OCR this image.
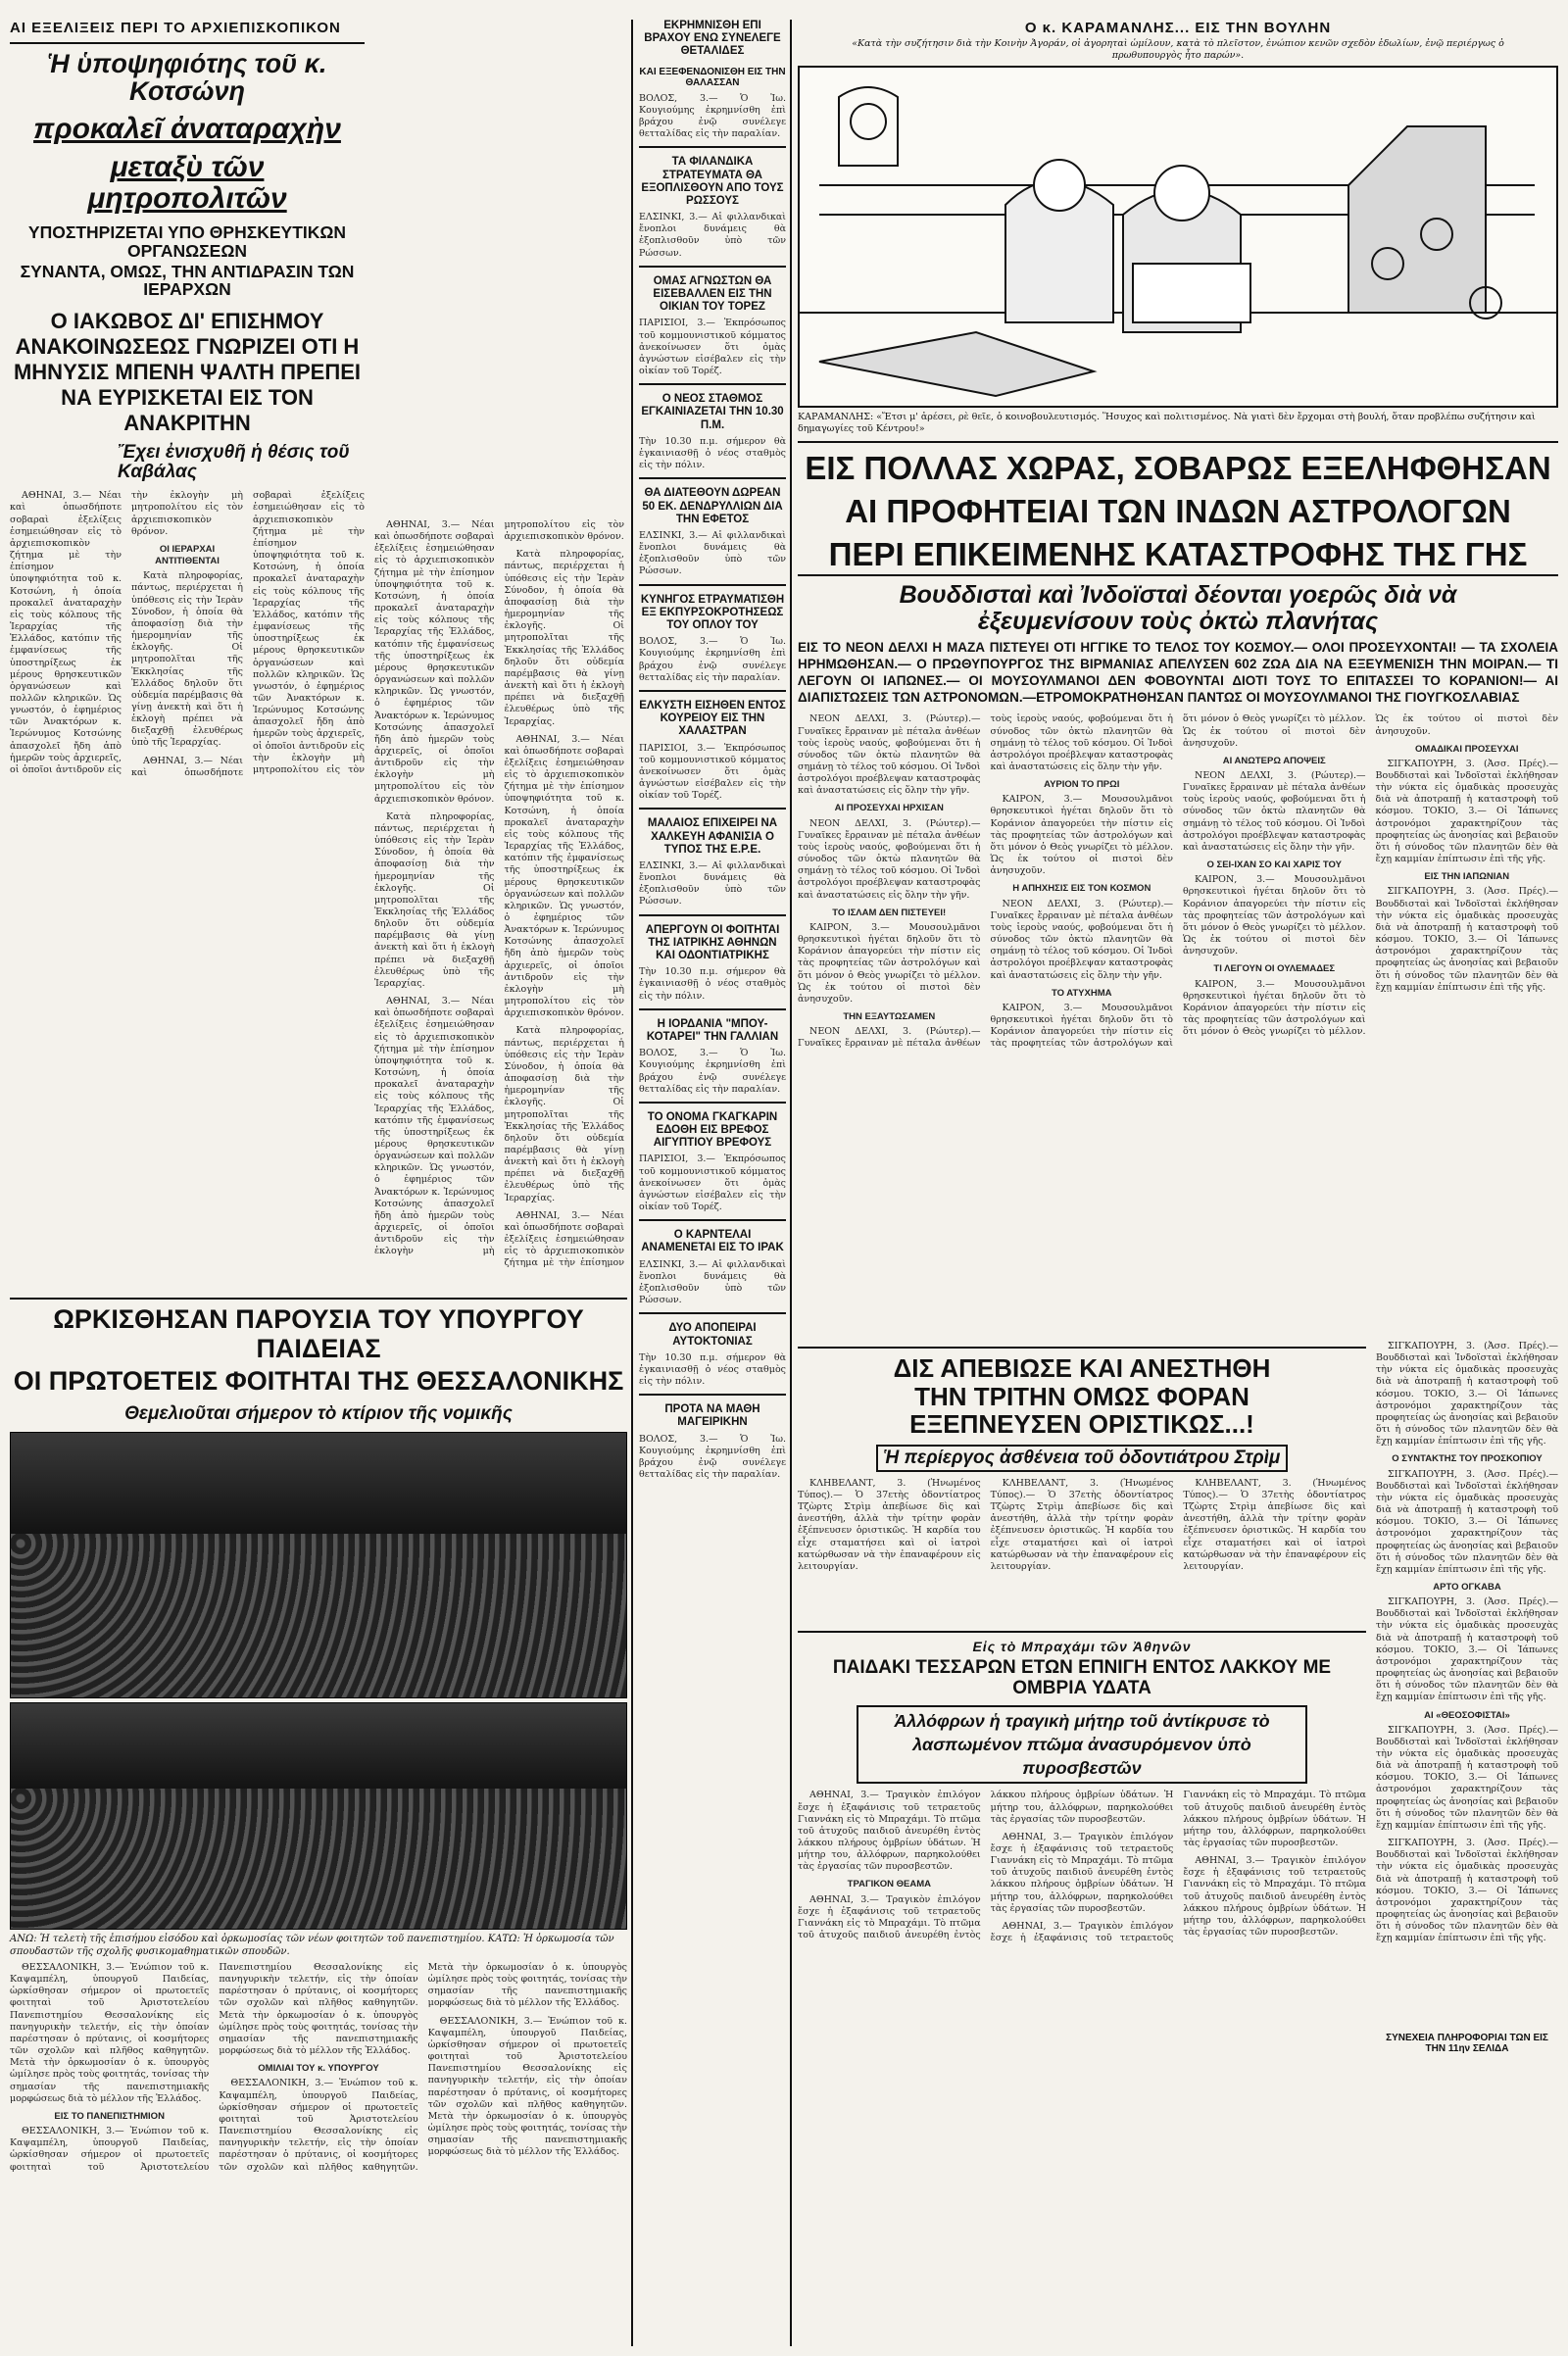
ΑΙ ΕΞΕΛΙΞΕΙΣ ΠΕΡΙ ΤΟ ΑΡΧΙΕΠΙΣΚΟΠΙΚΟΝ
Ἡ ὑποψηφιότης τοῦ κ. Κοτσώνη
προκαλεῖ ἀναταραχὴν
μεταξὺ τῶν μητροπολιτῶν
ΥΠΟΣΤΗΡΙΖΕΤΑΙ ΥΠΟ ΘΡΗΣΚΕΥΤΙΚΩΝ ΟΡΓΑΝΩΣΕΩΝ
ΣΥΝΑΝΤΑ, ΟΜΩΣ, ΤΗΝ ΑΝΤΙΔΡΑΣΙΝ ΤΩΝ ΙΕΡΑΡΧΩΝ
Ο ΙΑΚΩΒΟΣ ΔΙ' ΕΠΙΣΗΜΟΥ ΑΝΑΚΟΙΝΩΣΕΩΣ ΓΝΩΡΙΖΕΙ ΟΤΙ Η ΜΗΝΥΣΙΣ ΜΠΕΝΗ ΨΑΛΤΗ ΠΡΕΠΕΙ ΝΑ ΕΥΡΙΣΚΕΤΑΙ ΕΙΣ ΤΟΝ ΑΝΑΚΡΙΤΗΝ
Ἔχει ἐνισχυθῆ ἡ θέσις τοῦ Καβάλας

ΑΘΗΝΑΙ, 3.— Νέαι καὶ ὁπωσδήποτε σοβαραὶ ἐξελίξεις ἐσημειώθησαν εἰς τὸ ἀρχιεπισκοπικὸν ζήτημα μὲ τὴν ἐπίσημον ὑποψηφιότητα τοῦ κ. Κοτσώνη, ἡ ὁποία προκαλεῖ ἀναταραχὴν εἰς τοὺς κόλπους τῆς Ἱεραρχίας τῆς Ἑλλάδος, κατόπιν τῆς ἐμφανίσεως τῆς ὑποστηρίξεως ἐκ μέρους θρησκευτικῶν ὀργανώσεων καὶ πολλῶν κληρικῶν. Ὡς γνωστόν, ὁ ἐφημέριος τῶν Ἀνακτόρων κ. Ἱερώνυμος Κοτσώνης ἀπασχολεῖ ἤδη ἀπὸ ἡμερῶν τοὺς ἀρχιερεῖς, οἱ ὁποῖοι ἀντιδροῦν εἰς τὴν ἐκλογὴν μὴ μητροπολίτου εἰς τὸν ἀρχιεπισκοπικὸν θρόνον.

ΟΙ ΙΕΡΑΡΧΑΙ ΑΝΤΙΤΙΘΕΝΤΑΙ

Κατὰ πληροφορίας, πάντως, περιέρχεται ἡ ὑπόθεσις εἰς τὴν Ἱερὰν Σύνοδον, ἡ ὁποία θὰ ἀποφασίσῃ διὰ τὴν ἡμερομηνίαν τῆς ἐκλογῆς. Οἱ μητροπολῖται τῆς Ἐκκλησίας τῆς Ἑλλάδος δηλοῦν ὅτι οὐδεμία παρέμβασις θὰ γίνῃ ἀνεκτὴ καὶ ὅτι ἡ ἐκλογὴ πρέπει νὰ διεξαχθῇ ἐλευθέρως ὑπὸ τῆς Ἱεραρχίας.

ΑΘΗΝΑΙ, 3.— Νέαι καὶ ὁπωσδήποτε σοβαραὶ ἐξελίξεις ἐσημειώθησαν εἰς τὸ ἀρχιεπισκοπικὸν ζήτημα μὲ τὴν ἐπίσημον ὑποψηφιότητα τοῦ κ. Κοτσώνη, ἡ ὁποία προκαλεῖ ἀναταραχὴν εἰς τοὺς κόλπους τῆς Ἱεραρχίας τῆς Ἑλλάδος, κατόπιν τῆς ἐμφανίσεως τῆς ὑποστηρίξεως ἐκ μέρους θρησκευτικῶν ὀργανώσεων καὶ πολλῶν κληρικῶν. Ὡς γνωστόν, ὁ ἐφημέριος τῶν Ἀνακτόρων κ. Ἱερώνυμος Κοτσώνης ἀπασχολεῖ ἤδη ἀπὸ ἡμερῶν τοὺς ἀρχιερεῖς, οἱ ὁποῖοι ἀντιδροῦν εἰς τὴν ἐκλογὴν μὴ μητροπολίτου εἰς τὸν

ΩΡΚΙΣΘΗΣΑΝ ΠΑΡΟΥΣΙΑ ΤΟΥ ΥΠΟΥΡΓΟΥ ΠΑΙΔΕΙΑΣ
ΟΙ ΠΡΩΤΟΕΤΕΙΣ ΦΟΙΤΗΤΑΙ ΤΗΣ ΘΕΣΣΑΛΟΝΙΚΗΣ
Θεμελιοῦται σήμερον τὸ κτίριον τῆς νομικῆς
ΑΝΩ: Ἡ τελετὴ τῆς ἐπισήμου εἰσόδου καὶ ὁρκωμοσίας τῶν νέων φοιτητῶν τοῦ πανεπιστημίου. ΚΑΤΩ: Ἡ ὁρκωμοσία τῶν σπουδαστῶν τῆς σχολῆς φυσικομαθηματικῶν σπουδῶν.

ΘΕΣΣΑΛΟΝΙΚΗ, 3.— Ἐνώπιον τοῦ κ. Καψαμπέλη, ὑπουργοῦ Παιδείας, ὡρκίσθησαν σήμερον οἱ πρωτοετεῖς φοιτηταὶ τοῦ Ἀριστοτελείου Πανεπιστημίου Θεσσαλονίκης εἰς πανηγυρικὴν τελετήν, εἰς τὴν ὁποίαν παρέστησαν ὁ πρύτανις, οἱ κοσμήτορες τῶν σχολῶν καὶ πλῆθος καθηγητῶν. Μετὰ τὴν ὁρκωμοσίαν ὁ κ. ὑπουργὸς ὡμίλησε πρὸς τοὺς φοιτητάς, τονίσας τὴν σημασίαν τῆς πανεπιστημιακῆς μορφώσεως διὰ τὸ μέλλον τῆς Ἑλλάδος.

ΕΙΣ ΤΟ ΠΑΝΕΠΙΣΤΗΜΙΟΝ

ΘΕΣΣΑΛΟΝΙΚΗ, 3.— Ἐνώπιον τοῦ κ. Καψαμπέλη, ὑπουργοῦ Παιδείας, ὡρκίσθησαν σήμερον οἱ πρωτοετεῖς φοιτηταὶ τοῦ Ἀριστοτελείου Πανεπιστημίου Θεσσαλονίκης εἰς πανηγυρικὴν τελετήν, εἰς τὴν ὁποίαν παρέστησαν ὁ πρύτανις, οἱ κοσμήτορες τῶν σχολῶν καὶ πλῆθος καθηγητῶν. Μετὰ τὴν ὁρκωμοσίαν ὁ κ. ὑπουργὸς ὡμίλησε πρὸς τοὺς φοιτητάς, τονίσας τὴν σημασίαν τῆς πανεπιστημιακῆς μορφώσεως διὰ τὸ μέλλον τῆς Ἑλλάδος.

ΟΜΙΛΙΑΙ ΤΟΥ κ. ΥΠΟΥΡΓΟΥ

ΘΕΣΣΑΛΟΝΙΚΗ, 3.— Ἐνώπιον τοῦ κ. Καψαμπέλη, ὑπουργοῦ Παιδείας, ὡρκίσθησαν σήμερον οἱ πρωτοετεῖς φοιτηταὶ τοῦ Ἀριστοτελείου Πανεπιστημίου Θεσσαλονίκης εἰς πανηγυρικὴν τελετήν, εἰς τὴν ὁποίαν παρέστησαν ὁ πρύτανις, οἱ κοσμήτορες τῶν σχολῶν καὶ πλῆθος καθηγητῶν. Μετὰ τὴν ὁρκωμοσίαν ὁ κ. ὑπουργὸς ὡμίλησε πρὸς τοὺς φοιτητάς, τονίσας τὴν σημασίαν τῆς πανεπιστημιακῆς μορφώσεως διὰ τὸ μέλλον τῆς Ἑλλάδος.

ΘΕΣΣΑΛΟΝΙΚΗ, 3.— Ἐνώπιον τοῦ κ. Καψαμπέλη, ὑπουργοῦ Παιδείας, ὡρκίσθησαν σήμερον οἱ πρωτοετεῖς φοιτηταὶ τοῦ Ἀριστοτελείου Πανεπιστημίου Θεσσαλονίκης εἰς πανηγυρικὴν τελετήν, εἰς τὴν ὁποίαν παρέστησαν ὁ πρύτανις, οἱ κοσμήτορες τῶν σχολῶν καὶ πλῆθος καθηγητῶν. Μετὰ τὴν ὁρκωμοσίαν ὁ κ. ὑπουργὸς ὡμίλησε πρὸς τοὺς φοιτητάς, τονίσας τὴν σημασίαν τῆς πανεπιστημιακῆς μορφώσεως διὰ τὸ μέλλον τῆς Ἑλλάδος.

ΑΘΗΝΑΙ, 3.— Νέαι καὶ ὁπωσδήποτε σοβαραὶ ἐξελίξεις ἐσημειώθησαν εἰς τὸ ἀρχιεπισκοπικὸν ζήτημα μὲ τὴν ἐπίσημον ὑποψηφιότητα τοῦ κ. Κοτσώνη, ἡ ὁποία προκαλεῖ ἀναταραχὴν εἰς τοὺς κόλπους τῆς Ἱεραρχίας τῆς Ἑλλάδος, κατόπιν τῆς ἐμφανίσεως τῆς ὑποστηρίξεως ἐκ μέρους θρησκευτικῶν ὀργανώσεων καὶ πολλῶν κληρικῶν. Ὡς γνωστόν, ὁ ἐφημέριος τῶν Ἀνακτόρων κ. Ἱερώνυμος Κοτσώνης ἀπασχολεῖ ἤδη ἀπὸ ἡμερῶν τοὺς ἀρχιερεῖς, οἱ ὁποῖοι ἀντιδροῦν εἰς τὴν ἐκλογὴν μὴ μητροπολίτου εἰς τὸν ἀρχιεπισκοπικὸν θρόνον.

Κατὰ πληροφορίας, πάντως, περιέρχεται ἡ ὑπόθεσις εἰς τὴν Ἱερὰν Σύνοδον, ἡ ὁποία θὰ ἀποφασίσῃ διὰ τὴν ἡμερομηνίαν τῆς ἐκλογῆς. Οἱ μητροπολῖται τῆς Ἐκκλησίας τῆς Ἑλλάδος δηλοῦν ὅτι οὐδεμία παρέμβασις θὰ γίνῃ ἀνεκτὴ καὶ ὅτι ἡ ἐκλογὴ πρέπει νὰ διεξαχθῇ ἐλευθέρως ὑπὸ τῆς Ἱεραρχίας.

ΑΘΗΝΑΙ, 3.— Νέαι καὶ ὁπωσδήποτε σοβαραὶ ἐξελίξεις ἐσημειώθησαν εἰς τὸ ἀρχιεπισκοπικὸν ζήτημα μὲ τὴν ἐπίσημον ὑποψηφιότητα τοῦ κ. Κοτσώνη, ἡ ὁποία προκαλεῖ ἀναταραχὴν εἰς τοὺς κόλπους τῆς Ἱεραρχίας τῆς Ἑλλάδος, κατόπιν τῆς ἐμφανίσεως τῆς ὑποστηρίξεως ἐκ μέρους θρησκευτικῶν ὀργανώσεων καὶ πολλῶν κληρικῶν. Ὡς γνωστόν, ὁ ἐφημέριος τῶν Ἀνακτόρων κ. Ἱερώνυμος Κοτσώνης ἀπασχολεῖ ἤδη ἀπὸ ἡμερῶν τοὺς ἀρχιερεῖς, οἱ ὁποῖοι ἀντιδροῦν εἰς τὴν ἐκλογὴν μὴ μητροπολίτου εἰς τὸν ἀρχιεπισκοπικὸν θρόνον.

Κατὰ πληροφορίας, πάντως, περιέρχεται ἡ ὑπόθεσις εἰς τὴν Ἱερὰν Σύνοδον, ἡ ὁποία θὰ ἀποφασίσῃ διὰ τὴν ἡμερομηνίαν τῆς ἐκλογῆς. Οἱ μητροπολῖται τῆς Ἐκκλησίας τῆς Ἑλλάδος δηλοῦν ὅτι οὐδεμία παρέμβασις θὰ γίνῃ ἀνεκτὴ καὶ ὅτι ἡ ἐκλογὴ πρέπει νὰ διεξαχθῇ ἐλευθέρως ὑπὸ τῆς Ἱεραρχίας.

ΑΘΗΝΑΙ, 3.— Νέαι καὶ ὁπωσδήποτε σοβαραὶ ἐξελίξεις ἐσημειώθησαν εἰς τὸ ἀρχιεπισκοπικὸν ζήτημα μὲ τὴν ἐπίσημον ὑποψηφιότητα τοῦ κ. Κοτσώνη, ἡ ὁποία προκαλεῖ ἀναταραχὴν εἰς τοὺς κόλπους τῆς Ἱεραρχίας τῆς Ἑλλάδος, κατόπιν τῆς ἐμφανίσεως τῆς ὑποστηρίξεως ἐκ μέρους θρησκευτικῶν ὀργανώσεων καὶ πολλῶν κληρικῶν. Ὡς γνωστόν, ὁ ἐφημέριος τῶν Ἀνακτόρων κ. Ἱερώνυμος Κοτσώνης ἀπασχολεῖ ἤδη ἀπὸ ἡμερῶν τοὺς ἀρχιερεῖς, οἱ ὁποῖοι ἀντιδροῦν εἰς τὴν ἐκλογὴν μὴ μητροπολίτου εἰς τὸν ἀρχιεπισκοπικὸν θρόνον.

Κατὰ πληροφορίας, πάντως, περιέρχεται ἡ ὑπόθεσις εἰς τὴν Ἱερὰν Σύνοδον, ἡ ὁποία θὰ ἀποφασίσῃ διὰ τὴν ἡμερομηνίαν τῆς ἐκλογῆς. Οἱ μητροπολῖται τῆς Ἐκκλησίας τῆς Ἑλλάδος δηλοῦν ὅτι οὐδεμία παρέμβασις θὰ γίνῃ ἀνεκτὴ καὶ ὅτι ἡ ἐκλογὴ πρέπει νὰ διεξαχθῇ ἐλευθέρως ὑπὸ τῆς Ἱεραρχίας.

ΑΘΗΝΑΙ, 3.— Νέαι καὶ ὁπωσδήποτε σοβαραὶ ἐξελίξεις ἐσημειώθησαν εἰς τὸ ἀρχιεπισκοπικὸν ζήτημα μὲ τὴν ἐπίσημον

ΕΚΡΗΜΝΙΣΘΗ ΕΠΙ ΒΡΑΧΟΥ ΕΝΩ ΣΥΝΕΛΕΓΕ ΘΕΤΑΛΙΔΕΣ
ΚΑΙ ΕΞΕΦΕΝΔΟΝΙΣΘΗ ΕΙΣ ΤΗΝ ΘΑΛΑΣΣΑΝ
ΒΟΛΟΣ, 3.— Ὁ Ἰω. Κουγιούμης ἐκρημνίσθη ἐπὶ βράχου ἐνῷ συνέλεγε θετταλίδας εἰς τὴν παραλίαν.
ΤΑ ΦΙΛΑΝΔΙΚΑ ΣΤΡΑΤΕΥΜΑΤΑ ΘΑ ΕΞΟΠΛΙΣΘΟΥΝ ΑΠΟ ΤΟΥΣ ΡΩΣΣΟΥΣ
ΕΛΣΙΝΚΙ, 3.— Αἱ φιλλανδικαὶ ἔνοπλοι δυνάμεις θὰ ἐξοπλισθοῦν ὑπὸ τῶν Ρώσσων.
ΟΜΑΣ ΑΓΝΩΣΤΩΝ ΘΑ ΕΙΣΕΒΑΛΛΕΝ ΕΙΣ ΤΗΝ ΟΙΚΙΑΝ ΤΟΥ ΤΟΡΕΖ
ΠΑΡΙΣΙΟΙ, 3.— Ἐκπρόσωπος τοῦ κομμουνιστικοῦ κόμματος ἀνεκοίνωσεν ὅτι ὁμὰς ἀγνώστων εἰσέβαλεν εἰς τὴν οἰκίαν τοῦ Τορέζ.
Ο ΝΕΟΣ ΣΤΑΘΜΟΣ ΕΓΚΑΙΝΙΑΖΕΤΑΙ ΤΗΝ 10.30 Π.Μ.
Τὴν 10.30 π.μ. σήμερον θὰ ἐγκαινιασθῇ ὁ νέος σταθμὸς εἰς τὴν πόλιν.
ΘΑ ΔΙΑΤΕΘΟΥΝ ΔΩΡΕΑΝ 50 ΕΚ. ΔΕΝΔΡΥΛΛΙΩΝ ΔΙΑ ΤΗΝ ΕΦΕΤΟΣ
ΕΛΣΙΝΚΙ, 3.— Αἱ φιλλανδικαὶ ἔνοπλοι δυνάμεις θὰ ἐξοπλισθοῦν ὑπὸ τῶν Ρώσσων.
ΚΥΝΗΓΟΣ ΕΤΡΑΥΜΑΤΙΣΘΗ ΕΞ ΕΚΠΥΡΣΟΚΡΟΤΗΣΕΩΣ ΤΟΥ ΟΠΛΟΥ ΤΟΥ
ΒΟΛΟΣ, 3.— Ὁ Ἰω. Κουγιούμης ἐκρημνίσθη ἐπὶ βράχου ἐνῷ συνέλεγε θετταλίδας εἰς τὴν παραλίαν.
ΕΛΚΥΣΤΗ ΕΙΣΗΘΕΝ ΕΝΤΟΣ ΚΟΥΡΕΙΟΥ ΕΙΣ ΤΗΝ ΧΑΛΑΣΤΡΑΝ
ΠΑΡΙΣΙΟΙ, 3.— Ἐκπρόσωπος τοῦ κομμουνιστικοῦ κόμματος ἀνεκοίνωσεν ὅτι ὁμὰς ἀγνώστων εἰσέβαλεν εἰς τὴν οἰκίαν τοῦ Τορέζ.
ΜΑΛΑΙΟΣ ΕΠΙΧΕΙΡΕΙ ΝΑ ΧΑΛΚΕΥΗ ΑΦΑΝΙΣΙΑ Ο ΤΥΠΟΣ ΤΗΣ Ε.Ρ.Ε.
ΕΛΣΙΝΚΙ, 3.— Αἱ φιλλανδικαὶ ἔνοπλοι δυνάμεις θὰ ἐξοπλισθοῦν ὑπὸ τῶν Ρώσσων.
ΑΠΕΡΓΟΥΝ ΟΙ ΦΟΙΤΗΤΑΙ ΤΗΣ ΙΑΤΡΙΚΗΣ ΑΘΗΝΩΝ ΚΑΙ ΟΔΟΝΤΙΑΤΡΙΚΗΣ
Τὴν 10.30 π.μ. σήμερον θὰ ἐγκαινιασθῇ ὁ νέος σταθμὸς εἰς τὴν πόλιν.
Η ΙΟΡΔΑΝΙΑ "ΜΠΟΥ-ΚΟΤΑΡΕΙ" ΤΗΝ ΓΑΛΛΙΑΝ
ΒΟΛΟΣ, 3.— Ὁ Ἰω. Κουγιούμης ἐκρημνίσθη ἐπὶ βράχου ἐνῷ συνέλεγε θετταλίδας εἰς τὴν παραλίαν.
ΤΟ ΟΝΟΜΑ ΓΚΑΓΚΑΡΙΝ ΕΔΟΘΗ ΕΙΣ ΒΡΕΦΟΣ ΑΙΓΥΠΤΙΟΥ ΒΡΕΦΟΥΣ
ΠΑΡΙΣΙΟΙ, 3.— Ἐκπρόσωπος τοῦ κομμουνιστικοῦ κόμματος ἀνεκοίνωσεν ὅτι ὁμὰς ἀγνώστων εἰσέβαλεν εἰς τὴν οἰκίαν τοῦ Τορέζ.
Ο ΚΑΡΝΤΕΛΑΙ ΑΝΑΜΕΝΕΤΑΙ ΕΙΣ ΤΟ ΙΡΑΚ
ΕΛΣΙΝΚΙ, 3.— Αἱ φιλλανδικαὶ ἔνοπλοι δυνάμεις θὰ ἐξοπλισθοῦν ὑπὸ τῶν Ρώσσων.
ΔΥΟ ΑΠΟΠΕΙΡΑΙ ΑΥΤΟΚΤΟΝΙΑΣ
Τὴν 10.30 π.μ. σήμερον θὰ ἐγκαινιασθῇ ὁ νέος σταθμὸς εἰς τὴν πόλιν.
ΠΡΟΤΑ ΝΑ ΜΑΘΗ ΜΑΓΕΙΡΙΚΗΝ
ΒΟΛΟΣ, 3.— Ὁ Ἰω. Κουγιούμης ἐκρημνίσθη ἐπὶ βράχου ἐνῷ συνέλεγε θετταλίδας εἰς τὴν παραλίαν.
Ο κ. ΚΑΡΑΜΑΝΛΗΣ... ΕΙΣ ΤΗΝ ΒΟΥΛΗΝ
«Κατὰ τὴν συζήτησιν διὰ τὴν Κοινὴν Ἀγοράν, οἱ ἀγορηταὶ ὡμίλουν, κατὰ τὸ πλεῖστον, ἐνώπιον κενῶν σχεδὸν ἐδωλίων, ἐνῷ περιέργως ὁ πρωθυπουργὸς ἦτο παρών».
ΚΑΡΑΜΑΝΛΗΣ: «Ἔτσι μ' ἀρέσει, ρὲ θεῖε, ὁ κοινοβουλευτισμός. Ἥσυχος καὶ πολιτισμένος. Νὰ γιατὶ δὲν ἔρχομαι στὴ βουλή, ὅταν προβλέπω συζήτησιν καὶ δημαγωγίες τοῦ Κέντρου!»
ΕΙΣ ΠΟΛΛΑΣ ΧΩΡΑΣ, ΣΟΒΑΡΩΣ ΕΞΕΛΗΦΘΗΣΑΝ
ΑΙ ΠΡΟΦΗΤΕΙΑΙ ΤΩΝ ΙΝΔΩΝ ΑΣΤΡΟΛΟΓΩΝ
ΠΕΡΙ ΕΠΙΚΕΙΜΕΝΗΣ ΚΑΤΑΣΤΡΟΦΗΣ ΤΗΣ ΓΗΣ
Βουδδισταὶ καὶ Ἰνδοϊσταὶ δέονται γοερῶς διὰ νὰ ἐξευμενίσουν τοὺς ὀκτὼ πλανήτας
ΕΙΣ ΤΟ ΝΕΟΝ ΔΕΛΧΙ Η ΜΑΖΑ ΠΙΣΤΕΥΕΙ ΟΤΙ ΗΓΓΙΚΕ ΤΟ ΤΕΛΟΣ ΤΟΥ ΚΟΣΜΟΥ.— ΟΛΟΙ ΠΡΟΣΕΥΧΟΝΤΑΙ! — ΤΑ ΣΧΟΛΕΙΑ ΗΡΗΜΩΘΗΣΑΝ.— Ο ΠΡΩΘΥΠΟΥΡΓΟΣ ΤΗΣ ΒΙΡΜΑΝΙΑΣ ΑΠΕΛΥΣΕΝ 602 ΖΩΑ ΔΙΑ ΝΑ ΕΞΕΥΜΕΝΙΣΗ ΤΗΝ ΜΟΙΡΑΝ.— ΤΙ ΛΕΓΟΥΝ ΟΙ ΙΑΠΩΝΕΣ.— ΟΙ ΜΟΥΣΟΥΛΜΑΝΟΙ ΔΕΝ ΦΟΒΟΥΝΤΑΙ ΔΙΟΤΙ ΤΟΥΣ ΤΟ ΕΠΙΤΑΣΣΕΙ ΤΟ ΚΟΡΑΝΙΟΝ!— ΑΙ ΔΙΑΠΙΣΤΩΣΕΙΣ ΤΩΝ ΑΣΤΡΟΝΟΜΩΝ.—ΕΤΡΟΜΟΚΡΑΤΗΘΗΣΑΝ ΠΑΝΤΩΣ ΟΙ ΜΟΥΣΟΥΛΜΑΝΟΙ ΤΗΣ ΓΙΟΥΓΚΟΣΛΑΒΙΑΣ

ΝΕΟΝ ΔΕΛΧΙ, 3. (Ρώυτερ).— Γυναῖκες ἔρραιναν μὲ πέταλα ἀνθέων τοὺς ἱεροὺς ναούς, φοβούμεναι ὅτι ἡ σύνοδος τῶν ὀκτὼ πλανητῶν θὰ σημάνῃ τὸ τέλος τοῦ κόσμου. Οἱ Ἰνδοὶ ἀστρολόγοι προέβλεψαν καταστροφὰς καὶ ἀναστατώσεις εἰς ὅλην τὴν γῆν.

ΑΙ ΠΡΟΣΕΥΧΑΙ ΗΡΧΙΣΑΝ

ΝΕΟΝ ΔΕΛΧΙ, 3. (Ρώυτερ).— Γυναῖκες ἔρραιναν μὲ πέταλα ἀνθέων τοὺς ἱεροὺς ναούς, φοβούμεναι ὅτι ἡ σύνοδος τῶν ὀκτὼ πλανητῶν θὰ σημάνῃ τὸ τέλος τοῦ κόσμου. Οἱ Ἰνδοὶ ἀστρολόγοι προέβλεψαν καταστροφὰς καὶ ἀναστατώσεις εἰς ὅλην τὴν γῆν.

ΤΟ ΙΣΛΑΜ ΔΕΝ ΠΙΣΤΕΥΕΙ!

ΚΑΙΡΟΝ, 3.— Μουσουλμᾶνοι θρησκευτικοὶ ἡγέται δηλοῦν ὅτι τὸ Κοράνιον ἀπαγορεύει τὴν πίστιν εἰς τὰς προφητείας τῶν ἀστρολόγων καὶ ὅτι μόνον ὁ Θεὸς γνωρίζει τὸ μέλλον. Ὡς ἐκ τούτου οἱ πιστοὶ δὲν ἀνησυχοῦν.

ΤΗΝ ΕΞΑΥΤΩΣΑΜΕΝ

ΝΕΟΝ ΔΕΛΧΙ, 3. (Ρώυτερ).— Γυναῖκες ἔρραιναν μὲ πέταλα ἀνθέων τοὺς ἱεροὺς ναούς, φοβούμεναι ὅτι ἡ σύνοδος τῶν ὀκτὼ πλανητῶν θὰ σημάνῃ τὸ τέλος τοῦ κόσμου. Οἱ Ἰνδοὶ ἀστρολόγοι προέβλεψαν καταστροφὰς καὶ ἀναστατώσεις εἰς ὅλην τὴν γῆν.

ΑΥΡΙΟΝ ΤΟ ΠΡΩΙ

ΚΑΙΡΟΝ, 3.— Μουσουλμᾶνοι θρησκευτικοὶ ἡγέται δηλοῦν ὅτι τὸ Κοράνιον ἀπαγορεύει τὴν πίστιν εἰς τὰς προφητείας τῶν ἀστρολόγων καὶ ὅτι μόνον ὁ Θεὸς γνωρίζει τὸ μέλλον. Ὡς ἐκ τούτου οἱ πιστοὶ δὲν ἀνησυχοῦν.

Η ΑΠΗΧΗΣΙΣ ΕΙΣ ΤΟΝ ΚΟΣΜΟΝ

ΝΕΟΝ ΔΕΛΧΙ, 3. (Ρώυτερ).— Γυναῖκες ἔρραιναν μὲ πέταλα ἀνθέων τοὺς ἱεροὺς ναούς, φοβούμεναι ὅτι ἡ σύνοδος τῶν ὀκτὼ πλανητῶν θὰ σημάνῃ τὸ τέλος τοῦ κόσμου. Οἱ Ἰνδοὶ ἀστρολόγοι προέβλεψαν καταστροφὰς καὶ ἀναστατώσεις εἰς ὅλην τὴν γῆν.

ΤΟ ΑΤΥΧΗΜΑ

ΚΑΙΡΟΝ, 3.— Μουσουλμᾶνοι θρησκευτικοὶ ἡγέται δηλοῦν ὅτι τὸ Κοράνιον ἀπαγορεύει τὴν πίστιν εἰς τὰς προφητείας τῶν ἀστρολόγων καὶ ὅτι μόνον ὁ Θεὸς γνωρίζει τὸ μέλλον. Ὡς ἐκ τούτου οἱ πιστοὶ δὲν ἀνησυχοῦν.

ΑΙ ΑΝΩΤΕΡΩ ΑΠΟΨΕΙΣ

ΝΕΟΝ ΔΕΛΧΙ, 3. (Ρώυτερ).— Γυναῖκες ἔρραιναν μὲ πέταλα ἀνθέων τοὺς ἱεροὺς ναούς, φοβούμεναι ὅτι ἡ σύνοδος τῶν ὀκτὼ πλανητῶν θὰ σημάνῃ τὸ τέλος τοῦ κόσμου. Οἱ Ἰνδοὶ ἀστρολόγοι προέβλεψαν καταστροφὰς καὶ ἀναστατώσεις εἰς ὅλην τὴν γῆν.

Ο ΣΕΙ-ΙΧΑΝ ΣΟ ΚΑΙ ΧΑΡΙΣ ΤΟΥ

ΚΑΙΡΟΝ, 3.— Μουσουλμᾶνοι θρησκευτικοὶ ἡγέται δηλοῦν ὅτι τὸ Κοράνιον ἀπαγορεύει τὴν πίστιν εἰς τὰς προφητείας τῶν ἀστρολόγων καὶ ὅτι μόνον ὁ Θεὸς γνωρίζει τὸ μέλλον. Ὡς ἐκ τούτου οἱ πιστοὶ δὲν ἀνησυχοῦν.

ΤΙ ΛΕΓΟΥΝ ΟΙ ΟΥΛΕΜΑΔΕΣ

ΚΑΙΡΟΝ, 3.— Μουσουλμᾶνοι θρησκευτικοὶ ἡγέται δηλοῦν ὅτι τὸ Κοράνιον ἀπαγορεύει τὴν πίστιν εἰς τὰς προφητείας τῶν ἀστρολόγων καὶ ὅτι μόνον ὁ Θεὸς γνωρίζει τὸ μέλλον. Ὡς ἐκ τούτου οἱ πιστοὶ δὲν ἀνησυχοῦν.

ΟΜΑΔΙΚΑΙ ΠΡΟΣΕΥΧΑΙ

ΣΙΓΚΑΠΟΥΡΗ, 3. (Ἀσσ. Πρές).— Βουδδισταὶ καὶ Ἰνδοϊσταὶ ἐκλήθησαν τὴν νύκτα εἰς ὁμαδικὰς προσευχὰς διὰ νὰ ἀποτραπῇ ἡ καταστροφὴ τοῦ κόσμου. ΤΟΚΙΟ, 3.— Οἱ Ἰάπωνες ἀστρονόμοι χαρακτηρίζουν τὰς προφητείας ὡς ἀνοησίας καὶ βεβαιοῦν ὅτι ἡ σύνοδος τῶν πλανητῶν δὲν θὰ ἔχῃ καμμίαν ἐπίπτωσιν ἐπὶ τῆς γῆς.

ΕΙΣ ΤΗΝ ΙΑΠΩΝΙΑΝ

ΣΙΓΚΑΠΟΥΡΗ, 3. (Ἀσσ. Πρές).— Βουδδισταὶ καὶ Ἰνδοϊσταὶ ἐκλήθησαν τὴν νύκτα εἰς ὁμαδικὰς προσευχὰς διὰ νὰ ἀποτραπῇ ἡ καταστροφὴ τοῦ κόσμου. ΤΟΚΙΟ, 3.— Οἱ Ἰάπωνες ἀστρονόμοι χαρακτηρίζουν τὰς προφητείας ὡς ἀνοησίας καὶ βεβαιοῦν ὅτι ἡ σύνοδος τῶν πλανητῶν δὲν θὰ ἔχῃ καμμίαν ἐπίπτωσιν ἐπὶ τῆς γῆς.

ΔΙΣ ΑΠΕΒΙΩΣΕ ΚΑΙ ΑΝΕΣΤΗΘΗ
ΤΗΝ ΤΡΙΤΗΝ ΟΜΩΣ ΦΟΡΑΝ
ΕΞΕΠΝΕΥΣΕΝ ΟΡΙΣΤΙΚΩΣ...!
Ἡ περίεργος ἀσθένεια τοῦ ὀδοντιάτρου Στρὶμ

ΚΛΗΒΕΛΑΝΤ, 3. (Ἡνωμένος Τύπος).— Ὁ 37ετὴς ὀδοντίατρος Τζὼρτς Στρὶμ ἀπεβίωσε δὶς καὶ ἀνεστήθη, ἀλλὰ τὴν τρίτην φορὰν ἐξέπνευσεν ὁριστικῶς. Ἡ καρδία του εἶχε σταματήσει καὶ οἱ ἰατροὶ κατώρθωσαν νὰ τὴν ἐπαναφέρουν εἰς λειτουργίαν.

ΚΛΗΒΕΛΑΝΤ, 3. (Ἡνωμένος Τύπος).— Ὁ 37ετὴς ὀδοντίατρος Τζὼρτς Στρὶμ ἀπεβίωσε δὶς καὶ ἀνεστήθη, ἀλλὰ τὴν τρίτην φορὰν ἐξέπνευσεν ὁριστικῶς. Ἡ καρδία του εἶχε σταματήσει καὶ οἱ ἰατροὶ κατώρθωσαν νὰ τὴν ἐπαναφέρουν εἰς λειτουργίαν.

ΚΛΗΒΕΛΑΝΤ, 3. (Ἡνωμένος Τύπος).— Ὁ 37ετὴς ὀδοντίατρος Τζὼρτς Στρὶμ ἀπεβίωσε δὶς καὶ ἀνεστήθη, ἀλλὰ τὴν τρίτην φορὰν ἐξέπνευσεν ὁριστικῶς. Ἡ καρδία του εἶχε σταματήσει καὶ οἱ ἰατροὶ κατώρθωσαν νὰ τὴν ἐπαναφέρουν εἰς λειτουργίαν.

Εἰς τὸ Μπραχάμι τῶν Ἀθηνῶν
ΠΑΙΔΑΚΙ ΤΕΣΣΑΡΩΝ ΕΤΩΝ ΕΠΝΙΓΗ ΕΝΤΟΣ ΛΑΚΚΟΥ ΜΕ ΟΜΒΡΙΑ ΥΔΑΤΑ
Ἀλλόφρων ἡ τραγικὴ μήτηρ τοῦ ἀντίκρυσε τὸ λασπωμένον πτῶμα ἀνασυρόμενον ὑπὸ πυροσβεστῶν

ΑΘΗΝΑΙ, 3.— Τραγικὸν ἐπιλόγον ἔσχε ἡ ἐξαφάνισις τοῦ τετραετοῦς Γιαννάκη εἰς τὸ Μπραχάμι. Τὸ πτῶμα τοῦ ἀτυχοῦς παιδιοῦ ἀνευρέθη ἐντὸς λάκκου πλήρους ὀμβρίων ὑδάτων. Ἡ μήτηρ του, ἀλλόφρων, παρηκολούθει τὰς ἐργασίας τῶν πυροσβεστῶν.

ΤΡΑΓΙΚΟΝ ΘΕΑΜΑ

ΑΘΗΝΑΙ, 3.— Τραγικὸν ἐπιλόγον ἔσχε ἡ ἐξαφάνισις τοῦ τετραετοῦς Γιαννάκη εἰς τὸ Μπραχάμι. Τὸ πτῶμα τοῦ ἀτυχοῦς παιδιοῦ ἀνευρέθη ἐντὸς λάκκου πλήρους ὀμβρίων ὑδάτων. Ἡ μήτηρ του, ἀλλόφρων, παρηκολούθει τὰς ἐργασίας τῶν πυροσβεστῶν.

ΑΘΗΝΑΙ, 3.— Τραγικὸν ἐπιλόγον ἔσχε ἡ ἐξαφάνισις τοῦ τετραετοῦς Γιαννάκη εἰς τὸ Μπραχάμι. Τὸ πτῶμα τοῦ ἀτυχοῦς παιδιοῦ ἀνευρέθη ἐντὸς λάκκου πλήρους ὀμβρίων ὑδάτων. Ἡ μήτηρ του, ἀλλόφρων, παρηκολούθει τὰς ἐργασίας τῶν πυροσβεστῶν.

ΑΘΗΝΑΙ, 3.— Τραγικὸν ἐπιλόγον ἔσχε ἡ ἐξαφάνισις τοῦ τετραετοῦς Γιαννάκη εἰς τὸ Μπραχάμι. Τὸ πτῶμα τοῦ ἀτυχοῦς παιδιοῦ ἀνευρέθη ἐντὸς λάκκου πλήρους ὀμβρίων ὑδάτων. Ἡ μήτηρ του, ἀλλόφρων, παρηκολούθει τὰς ἐργασίας τῶν πυροσβεστῶν.

ΑΘΗΝΑΙ, 3.— Τραγικὸν ἐπιλόγον ἔσχε ἡ ἐξαφάνισις τοῦ τετραετοῦς Γιαννάκη εἰς τὸ Μπραχάμι. Τὸ πτῶμα τοῦ ἀτυχοῦς παιδιοῦ ἀνευρέθη ἐντὸς λάκκου πλήρους ὀμβρίων ὑδάτων. Ἡ μήτηρ του, ἀλλόφρων, παρηκολούθει τὰς ἐργασίας τῶν πυροσβεστῶν.

ΣΙΓΚΑΠΟΥΡΗ, 3. (Ἀσσ. Πρές).— Βουδδισταὶ καὶ Ἰνδοϊσταὶ ἐκλήθησαν τὴν νύκτα εἰς ὁμαδικὰς προσευχὰς διὰ νὰ ἀποτραπῇ ἡ καταστροφὴ τοῦ κόσμου. ΤΟΚΙΟ, 3.— Οἱ Ἰάπωνες ἀστρονόμοι χαρακτηρίζουν τὰς προφητείας ὡς ἀνοησίας καὶ βεβαιοῦν ὅτι ἡ σύνοδος τῶν πλανητῶν δὲν θὰ ἔχῃ καμμίαν ἐπίπτωσιν ἐπὶ τῆς γῆς.

Ο ΣΥΝΤΑΚΤΗΣ ΤΟΥ ΠΡΟΣΚΟΠΙΟΥ

ΣΙΓΚΑΠΟΥΡΗ, 3. (Ἀσσ. Πρές).— Βουδδισταὶ καὶ Ἰνδοϊσταὶ ἐκλήθησαν τὴν νύκτα εἰς ὁμαδικὰς προσευχὰς διὰ νὰ ἀποτραπῇ ἡ καταστροφὴ τοῦ κόσμου. ΤΟΚΙΟ, 3.— Οἱ Ἰάπωνες ἀστρονόμοι χαρακτηρίζουν τὰς προφητείας ὡς ἀνοησίας καὶ βεβαιοῦν ὅτι ἡ σύνοδος τῶν πλανητῶν δὲν θὰ ἔχῃ καμμίαν ἐπίπτωσιν ἐπὶ τῆς γῆς.

ΑΡΤΟ ΟΓΚΑΒΑ

ΣΙΓΚΑΠΟΥΡΗ, 3. (Ἀσσ. Πρές).— Βουδδισταὶ καὶ Ἰνδοϊσταὶ ἐκλήθησαν τὴν νύκτα εἰς ὁμαδικὰς προσευχὰς διὰ νὰ ἀποτραπῇ ἡ καταστροφὴ τοῦ κόσμου. ΤΟΚΙΟ, 3.— Οἱ Ἰάπωνες ἀστρονόμοι χαρακτηρίζουν τὰς προφητείας ὡς ἀνοησίας καὶ βεβαιοῦν ὅτι ἡ σύνοδος τῶν πλανητῶν δὲν θὰ ἔχῃ καμμίαν ἐπίπτωσιν ἐπὶ τῆς γῆς.

ΑΙ «ΘΕΟΣΟΦΙΣΤΑΙ»

ΣΙΓΚΑΠΟΥΡΗ, 3. (Ἀσσ. Πρές).— Βουδδισταὶ καὶ Ἰνδοϊσταὶ ἐκλήθησαν τὴν νύκτα εἰς ὁμαδικὰς προσευχὰς διὰ νὰ ἀποτραπῇ ἡ καταστροφὴ τοῦ κόσμου. ΤΟΚΙΟ, 3.— Οἱ Ἰάπωνες ἀστρονόμοι χαρακτηρίζουν τὰς προφητείας ὡς ἀνοησίας καὶ βεβαιοῦν ὅτι ἡ σύνοδος τῶν πλανητῶν δὲν θὰ ἔχῃ καμμίαν ἐπίπτωσιν ἐπὶ τῆς γῆς.

ΣΙΓΚΑΠΟΥΡΗ, 3. (Ἀσσ. Πρές).— Βουδδισταὶ καὶ Ἰνδοϊσταὶ ἐκλήθησαν τὴν νύκτα εἰς ὁμαδικὰς προσευχὰς διὰ νὰ ἀποτραπῇ ἡ καταστροφὴ τοῦ κόσμου. ΤΟΚΙΟ, 3.— Οἱ Ἰάπωνες ἀστρονόμοι χαρακτηρίζουν τὰς προφητείας ὡς ἀνοησίας καὶ βεβαιοῦν ὅτι ἡ σύνοδος τῶν πλανητῶν δὲν θὰ ἔχῃ καμμίαν ἐπίπτωσιν ἐπὶ τῆς γῆς.

ΣΥΝΕΧΕΙΑ ΠΛΗΡΟΦΟΡΙΑΙ ΤΩΝ ΕΙΣ ΤΗΝ 11ην ΣΕΛΙΔΑ
